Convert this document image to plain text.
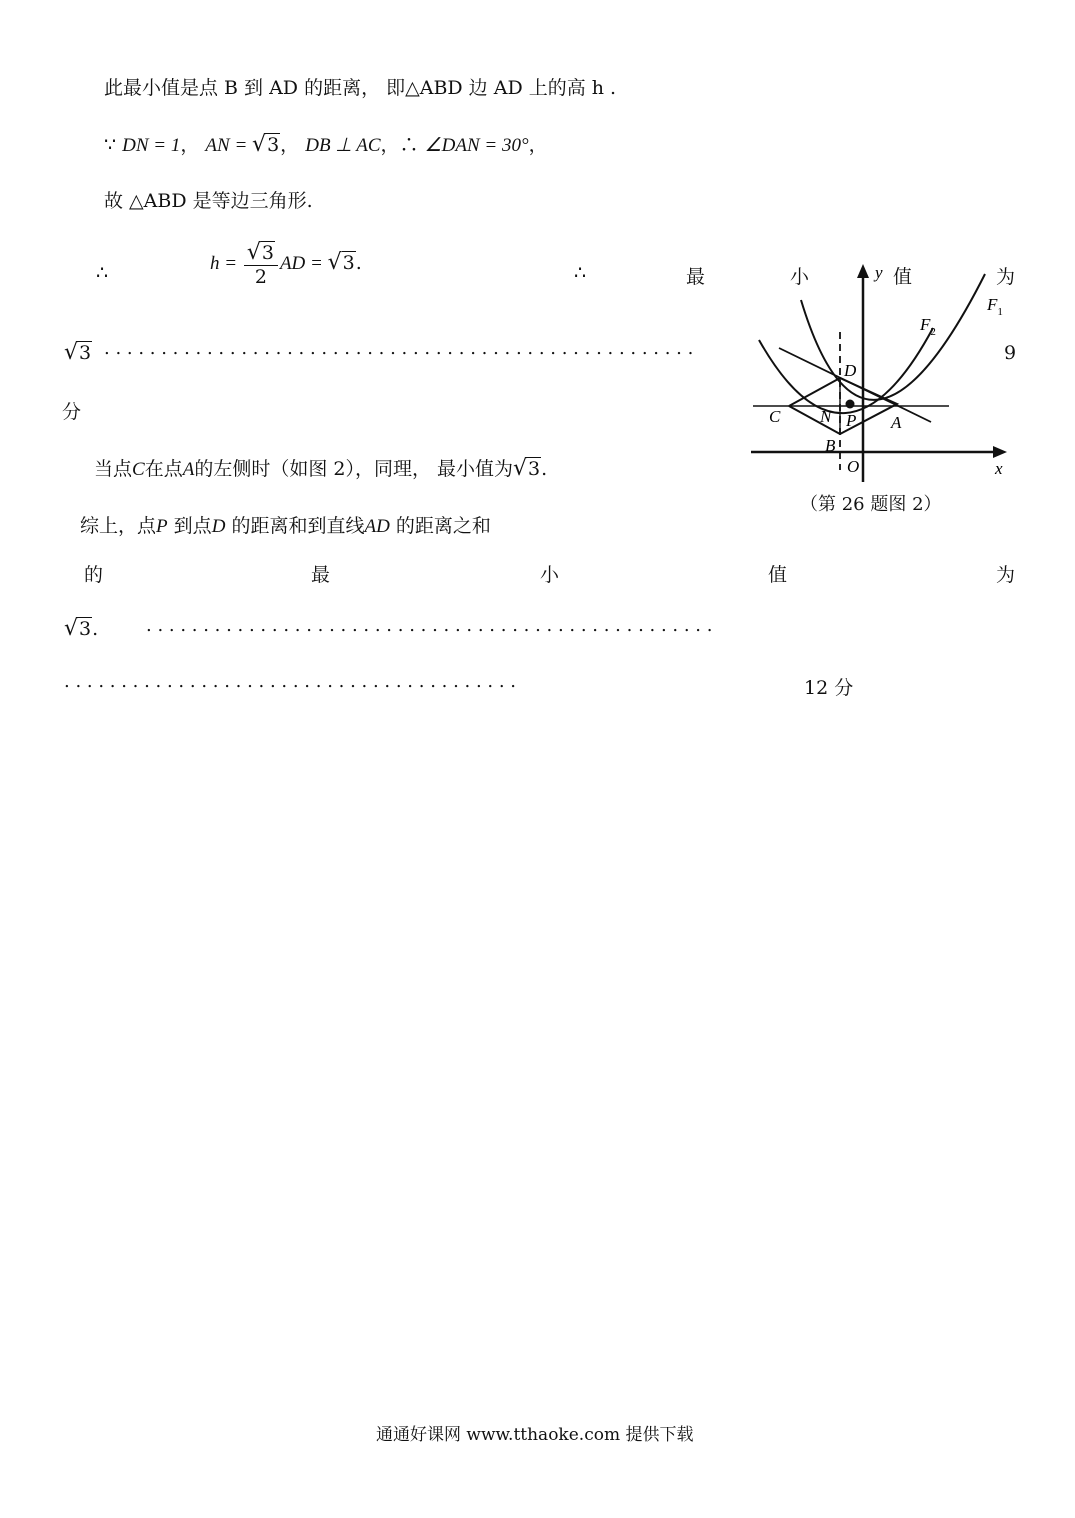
此最小值是点 B 到 AD 的距离， 即△ABD 边 AD 上的高 h .
∵ DN = 1， AN = √3， DB ⊥ AC，∴ ∠DAN = 30°，
故 △ABD 是等边三角形.
∴	$h = \frac{√3}{2}$ AD = √3.	∴	最	小	值	为
√3 . . . . . . . . . . . . . . . . . . . . . . . . . . . . . . . . . . . . . . . . . . . . . . . . . . . .	9
分
当点C在点A的左侧时（如图 2），同理， 最小值为√3.
综上，点P 到点D 的距离和到直线AD 的距离之和
的	最	小	值	为
√3.	. . . . . . . . . . . . . . . . . . . . . . . . . . . . . . . . . . . . . . . . . . . . . . . . . .
. . . . . . . . . . . . . . . . . . . . . . . . . . . . . . . . . . . . . . . .	12 分
y
x
O
D
C N P
B
A
$F_1$
$F_2$
（第 26 题图 2）
通通好课网 www.tthaoke.com 提供下载
